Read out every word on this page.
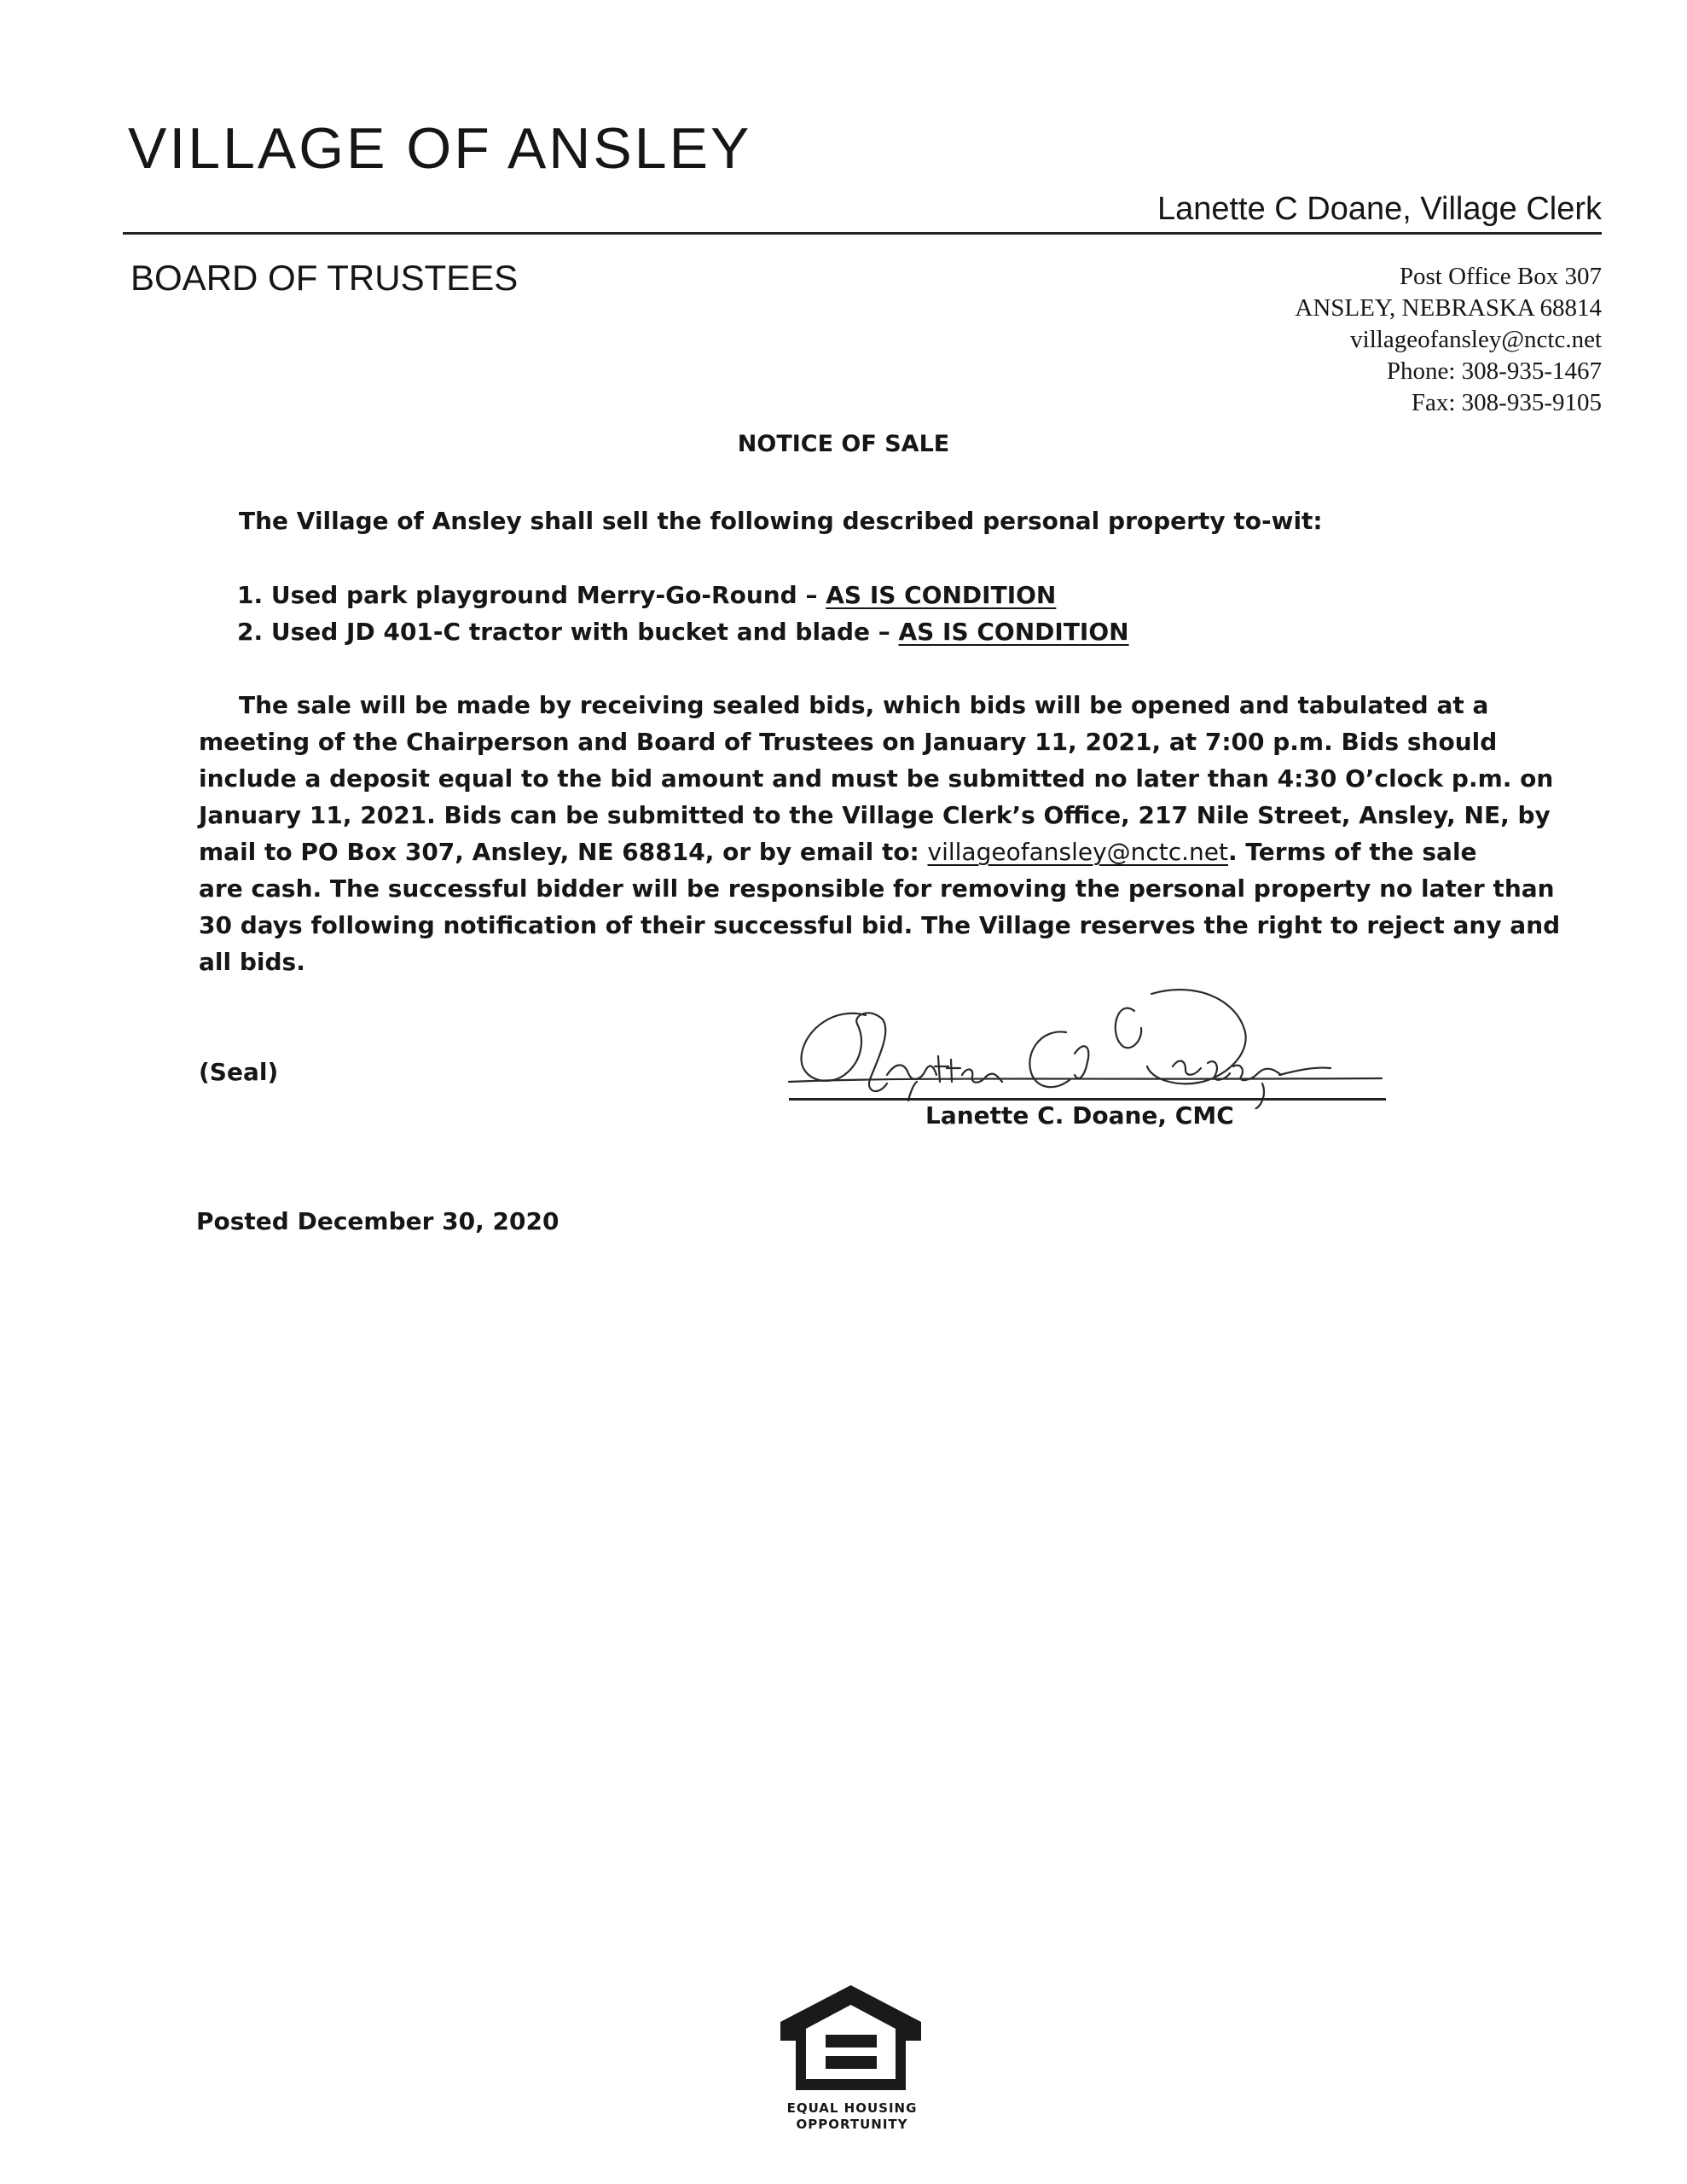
VILLAGE OF ANSLEY
Lanette C Doane, Village Clerk
BOARD OF TRUSTEES	Post Office Box 307
ANSLEY, NEBRASKA 68814
villageofansley@nctc.net
Phone: 308-935-1467
Fax: 308-935-9105
NOTICE OF SALE
The Village of Ansley shall sell the following described personal property to-wit:
1. Used park playground Merry-Go-Round – AS IS CONDITION
2. Used JD 401-C tractor with bucket and blade – AS IS CONDITION
The sale will be made by receiving sealed bids, which bids will be opened and tabulated at a
meeting of the Chairperson and Board of Trustees on January 11, 2021, at 7:00 p.m. Bids should
include a deposit equal to the bid amount and must be submitted no later than 4:30 O’clock p.m. on
January 11, 2021. Bids can be submitted to the Village Clerk’s Office, 217 Nile Street, Ansley, NE, by
mail to PO Box 307, Ansley, NE 68814, or by email to: villageofansley@nctc.net. Terms of the sale
are cash. The successful bidder will be responsible for removing the personal property no later than
30 days following notification of their successful bid. The Village reserves the right to reject any and
all bids.
(Seal)
Lanette C. Doane, CMC
Posted December 30, 2020
EQUAL HOUSING
OPPORTUNITY
